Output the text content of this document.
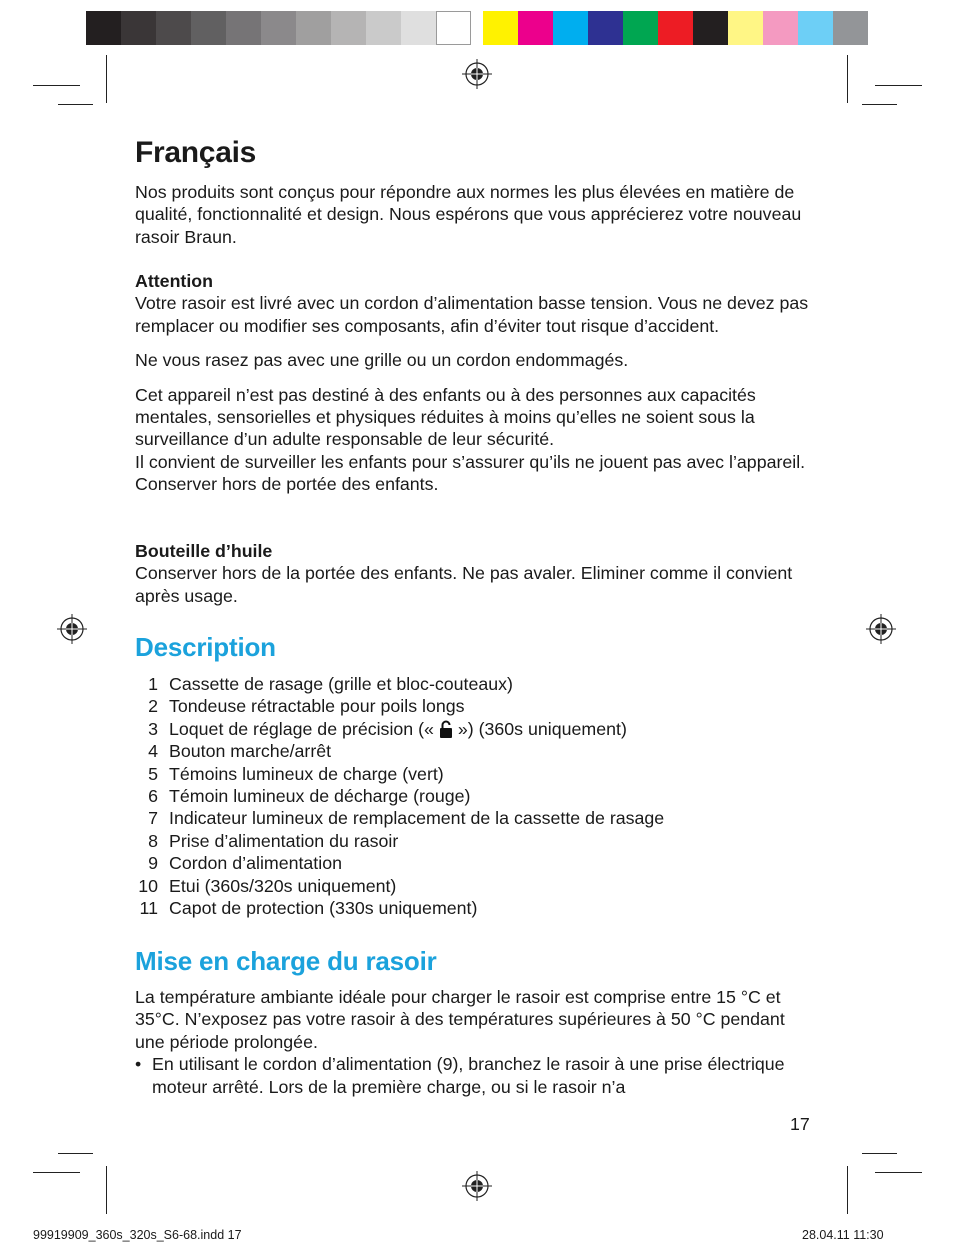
Français

Nos produits sont conçus pour répondre aux normes les plus élevées en matière de qualité, fonctionnalité et design. Nous espérons que vous apprécierez votre nouveau rasoir Braun.

Attention

Votre rasoir est livré avec un cordon d’alimentation basse tension. Vous ne devez pas remplacer ou modifier ses composants, afin d’éviter tout risque d’accident.

Ne vous rasez pas avec une grille ou un cordon endommagés.

Cet appareil n’est pas destiné à des enfants ou à des personnes aux capacités mentales, sensorielles et physiques réduites à moins qu’elles ne soient sous la surveillance d’un adulte responsable de leur sécurité.

Il convient de surveiller les enfants pour s’assurer qu’ils ne jouent pas avec l’appareil. Conserver hors de portée des enfants.

Bouteille d’huile

Conserver hors de la portée des enfants. Ne pas avaler. Eliminer comme il convient après usage.

Description
1 Cassette de rasage (grille et bloc-couteaux)
2 Tondeuse rétractable pour poils longs
3 Loquet de réglage de précision (« ») (360s uniquement)
4 Bouton marche/arrêt
5 Témoins lumineux de charge (vert)
6 Témoin lumineux de décharge (rouge)
7 Indicateur lumineux de remplacement de la cassette de rasage
8 Prise d’alimentation du rasoir
9 Cordon d’alimentation
10 Etui (360s/320s uniquement)
11 Capot de protection (330s uniquement)
Mise en charge du rasoir

La température ambiante idéale pour charger le rasoir est comprise entre 15 °C et 35°C. N’exposez pas votre rasoir à des températures supérieures à 50 °C pendant une période prolongée.

• En utilisant le cordon d’alimentation (9), branchez le rasoir à une prise électrique moteur arrêté. Lors de la première charge, ou si le rasoir n’a
17
99919909_360s_320s_S6-68.indd 17	28.04.11 11:30
